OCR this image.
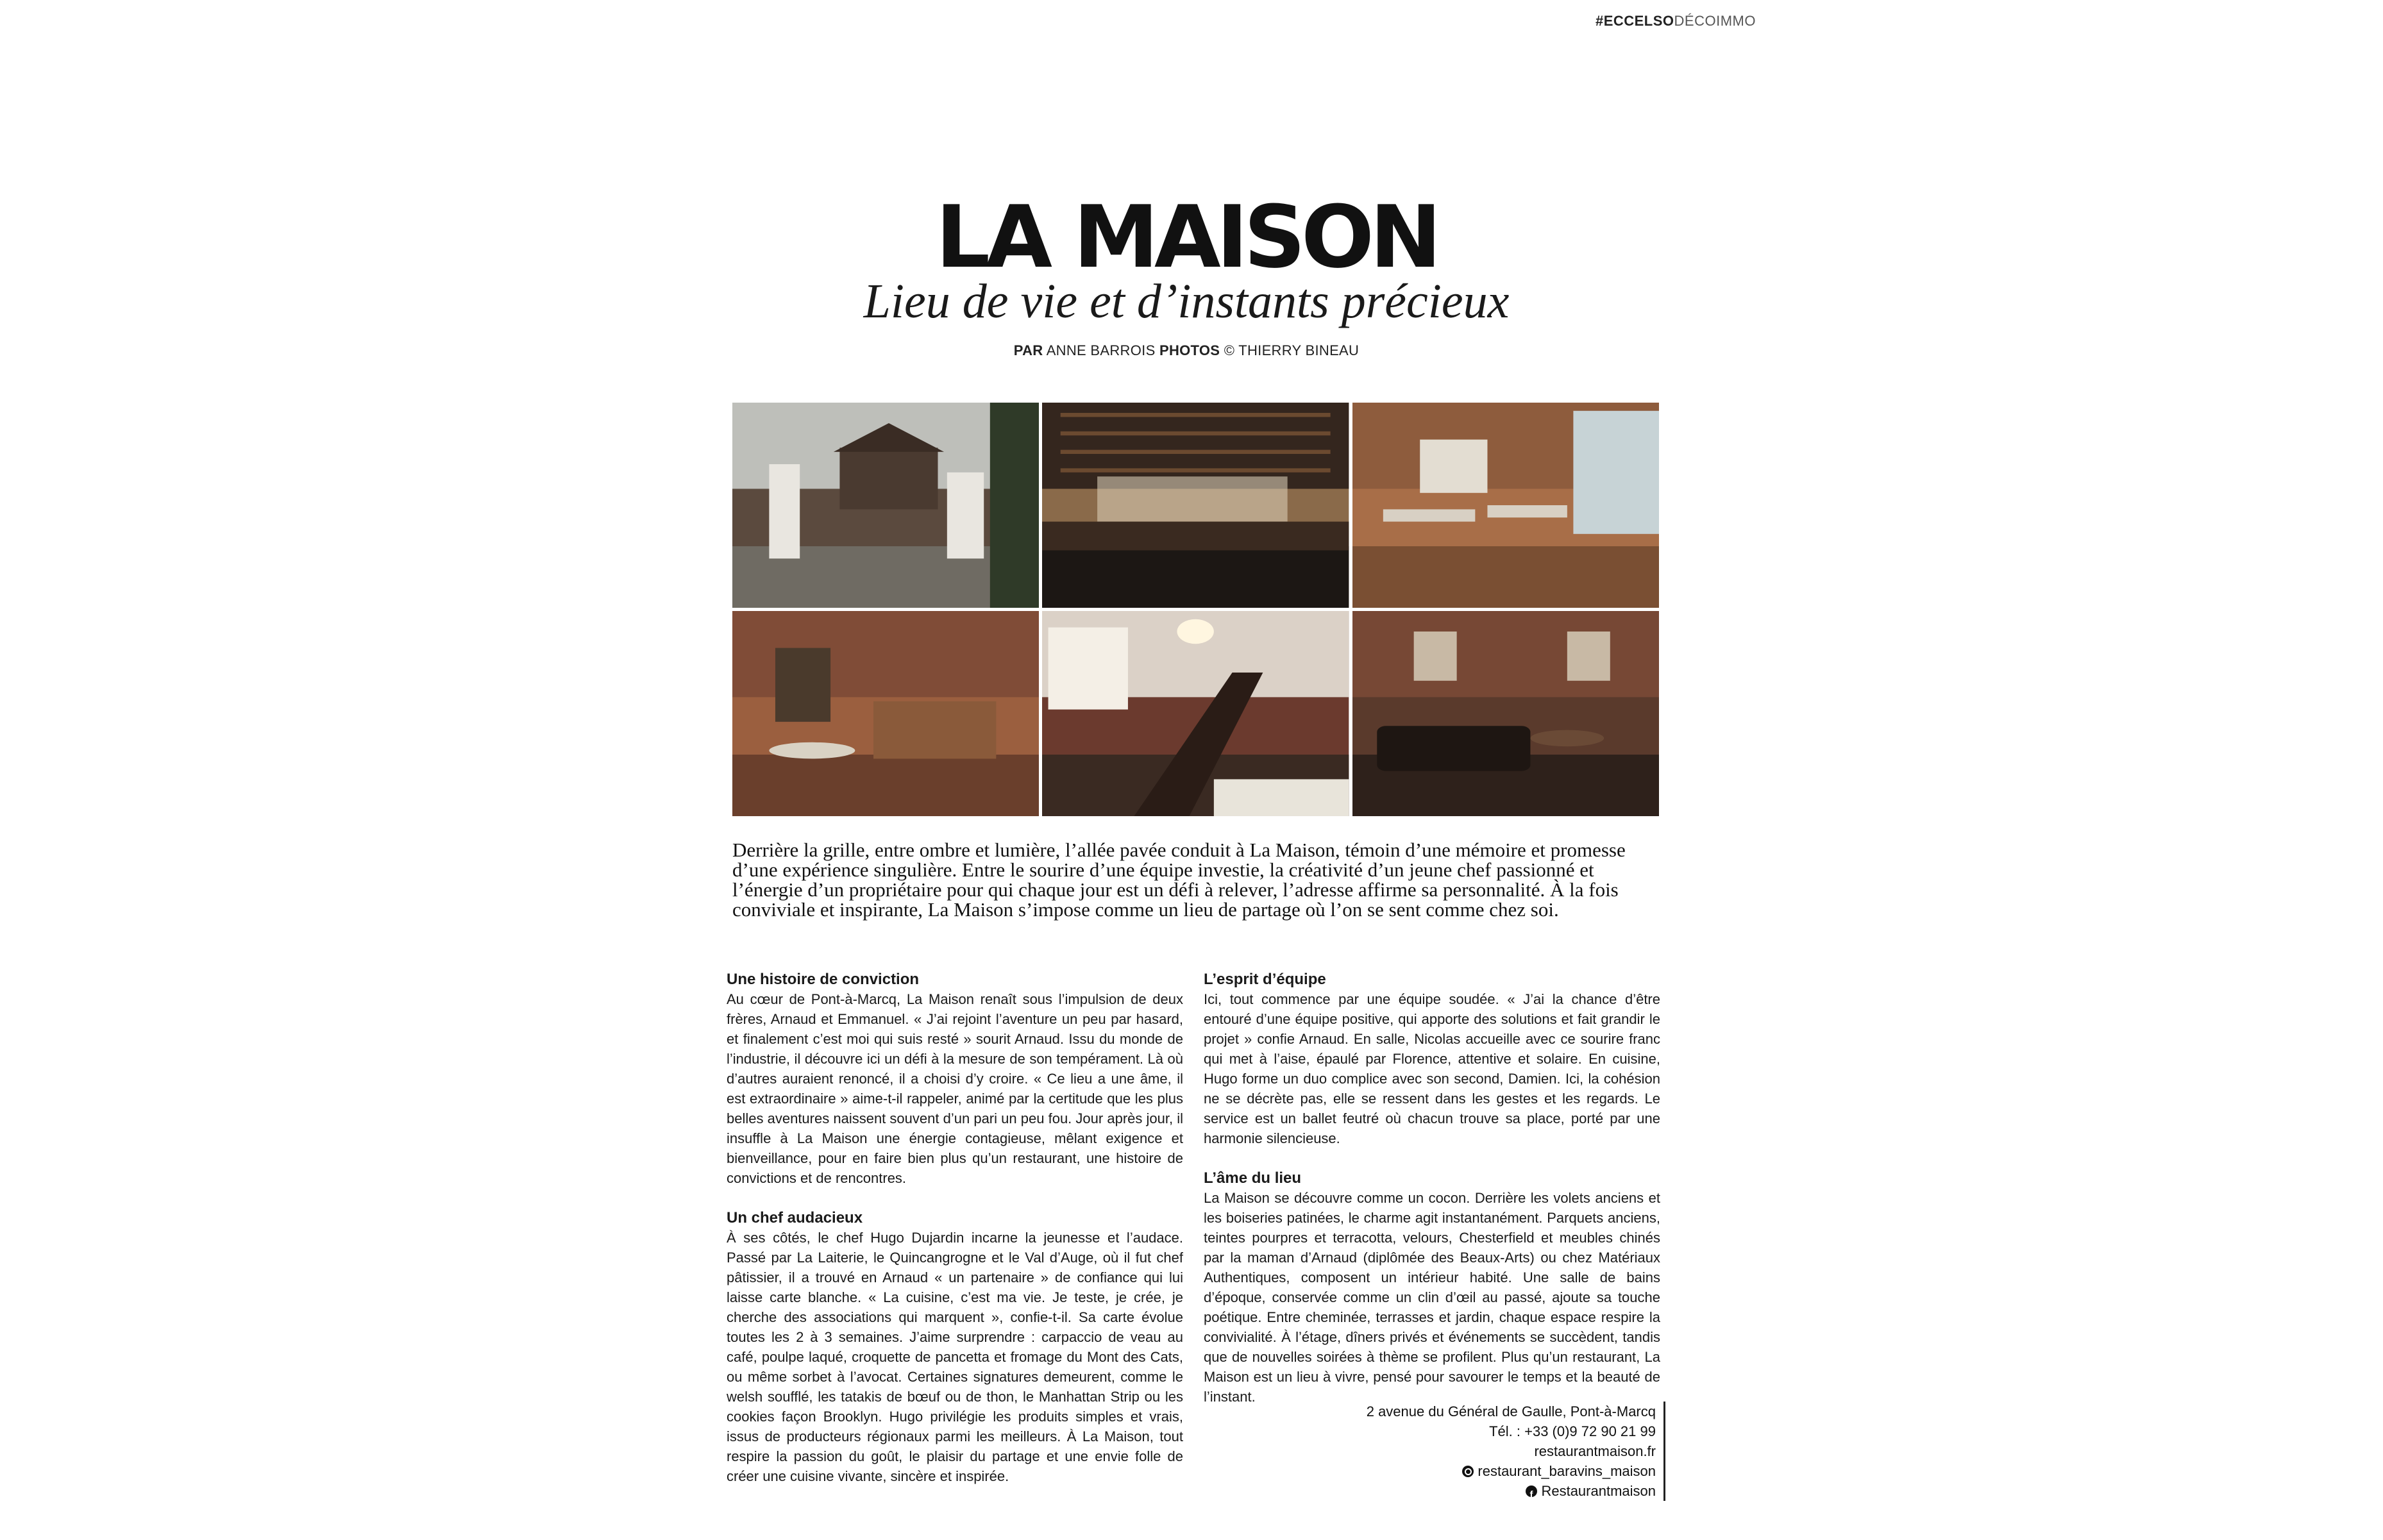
#ECCELSODÉCOIMMO
LA MAISON
Lieu de vie et d’instants précieux
PAR ANNE BARROIS PHOTOS © THIERRY BINEAU

Derrière la grille, entre ombre et lumière, l’allée pavée conduit à La Maison, témoin d’une mémoire et promesse d’une expérience singulière. Entre le sourire d’une équipe investie, la créativité d’un jeune chef passionné et l’énergie d’un propriétaire pour qui chaque jour est un défi à relever, l’adresse affirme sa personnalité. À la fois conviviale et inspirante, La Maison s’impose comme un lieu de partage où l’on se sent comme chez soi.

Une histoire de conviction

Au cœur de Pont-à-Marcq, La Maison renaît sous l’impulsion de deux frères, Arnaud et Emmanuel. « J’ai rejoint l’aventure un peu par hasard, et finalement c’est moi qui suis resté » sourit Arnaud. Issu du monde de l’industrie, il découvre ici un défi à la mesure de son tempérament. Là où d’autres auraient renoncé, il a choisi d’y croire. « Ce lieu a une âme, il est extraordinaire » aime-t-il rappeler, animé par la certitude que les plus belles aventures naissent souvent d’un pari un peu fou. Jour après jour, il insuffle à La Maison une énergie contagieuse, mêlant exigence et bienveillance, pour en faire bien plus qu’un restaurant, une histoire de convictions et de rencontres.

Un chef audacieux

À ses côtés, le chef Hugo Dujardin incarne la jeunesse et l’audace. Passé par La Laiterie, le Quincangrogne et le Val d’Auge, où il fut chef pâtissier, il a trouvé en Arnaud « un partenaire » de confiance qui lui laisse carte blanche. « La cuisine, c’est ma vie. Je teste, je crée, je cherche des associations qui marquent », confie-t-il. Sa carte évolue toutes les 2 à 3 semaines. J’aime surprendre : carpaccio de veau au café, poulpe laqué, croquette de pancetta et fromage du Mont des Cats, ou même sorbet à l’avocat. Certaines signatures demeurent, comme le welsh soufflé, les tatakis de bœuf ou de thon, le Manhattan Strip ou les cookies façon Brooklyn. Hugo privilégie les produits simples et vrais, issus de producteurs régionaux parmi les meilleurs. À La Maison, tout respire la passion du goût, le plaisir du partage et une envie folle de créer une cuisine vivante, sincère et inspirée.

L’esprit d’équipe

Ici, tout commence par une équipe soudée. « J’ai la chance d’être entouré d’une équipe positive, qui apporte des solutions et fait grandir le projet » confie Arnaud. En salle, Nicolas accueille avec ce sourire franc qui met à l’aise, épaulé par Florence, attentive et solaire. En cuisine, Hugo forme un duo complice avec son second, Damien. Ici, la cohésion ne se décrète pas, elle se ressent dans les gestes et les regards. Le service est un ballet feutré où chacun trouve sa place, porté par une harmonie silencieuse.

L’âme du lieu

La Maison se découvre comme un cocon. Derrière les volets anciens et les boiseries patinées, le charme agit instantanément. Parquets anciens, teintes pourpres et terracotta, velours, Chesterfield et meubles chinés par la maman d’Arnaud (diplômée des Beaux-Arts) ou chez Matériaux Authentiques, composent un intérieur habité. Une salle de bains d’époque, conservée comme un clin d’œil au passé, ajoute sa touche poétique. Entre cheminée, terrasses et jardin, chaque espace respire la convivialité. À l’étage, dîners privés et événements se succèdent, tandis que de nouvelles soirées à thème se profilent. Plus qu’un restaurant, La Maison est un lieu à vivre, pensé pour savourer le temps et la beauté de l’instant.

2 avenue du Général de Gaulle, Pont-à-Marcq
Tél. : +33 (0)9 72 90 21 99
restaurantmaison.fr
restaurant_baravins_maison
fRestaurantmaison
